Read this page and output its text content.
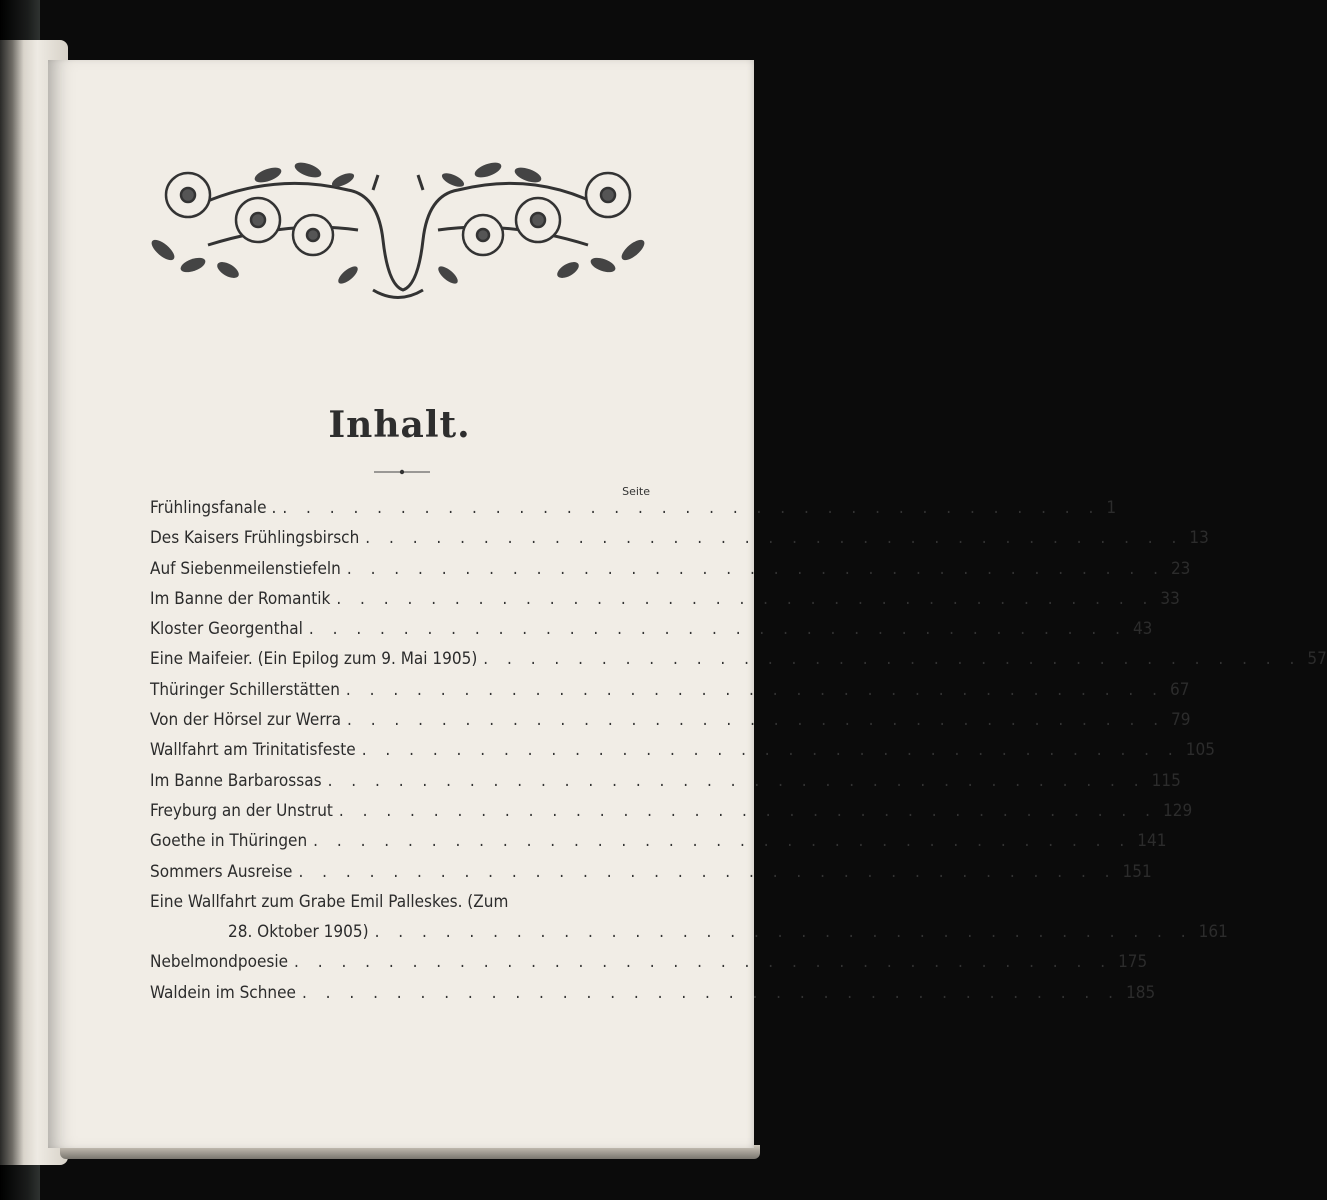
Inhalt.
Seite
Frühlingsfanale . . . . . . . . . . . . . . . . . . . . . . . . . . . . . . . . . . . . 1
Des Kaisers Frühlingsbirsch . . . . . . . . . . . . . . . . . . . . . . . . . . . . . . . . . . . 13
Auf Siebenmeilenstiefeln . . . . . . . . . . . . . . . . . . . . . . . . . . . . . . . . . . . 23
Im Banne der Romantik . . . . . . . . . . . . . . . . . . . . . . . . . . . . . . . . . . . 33
Kloster Georgenthal . . . . . . . . . . . . . . . . . . . . . . . . . . . . . . . . . . . 43
Eine Maifeier. (Ein Epilog zum 9. Mai 1905) . . . . . . . . . . . . . . . . . . . . . . . . . . . . . . . . . . . 57
Thüringer Schillerstätten . . . . . . . . . . . . . . . . . . . . . . . . . . . . . . . . . . . 67
Von der Hörsel zur Werra . . . . . . . . . . . . . . . . . . . . . . . . . . . . . . . . . . . 79
Wallfahrt am Trinitatisfeste . . . . . . . . . . . . . . . . . . . . . . . . . . . . . . . . . . . 105
Im Banne Barbarossas . . . . . . . . . . . . . . . . . . . . . . . . . . . . . . . . . . . 115
Freyburg an der Unstrut . . . . . . . . . . . . . . . . . . . . . . . . . . . . . . . . . . . 129
Goethe in Thüringen . . . . . . . . . . . . . . . . . . . . . . . . . . . . . . . . . . . 141
Sommers Ausreise . . . . . . . . . . . . . . . . . . . . . . . . . . . . . . . . . . . 151
Eine Wallfahrt zum Grabe Emil Palleskes. (Zum
28. Oktober 1905) . . . . . . . . . . . . . . . . . . . . . . . . . . . . . . . . . . . 161
Nebelmondpoesie . . . . . . . . . . . . . . . . . . . . . . . . . . . . . . . . . . . 175
Waldein im Schnee . . . . . . . . . . . . . . . . . . . . . . . . . . . . . . . . . . . 185
